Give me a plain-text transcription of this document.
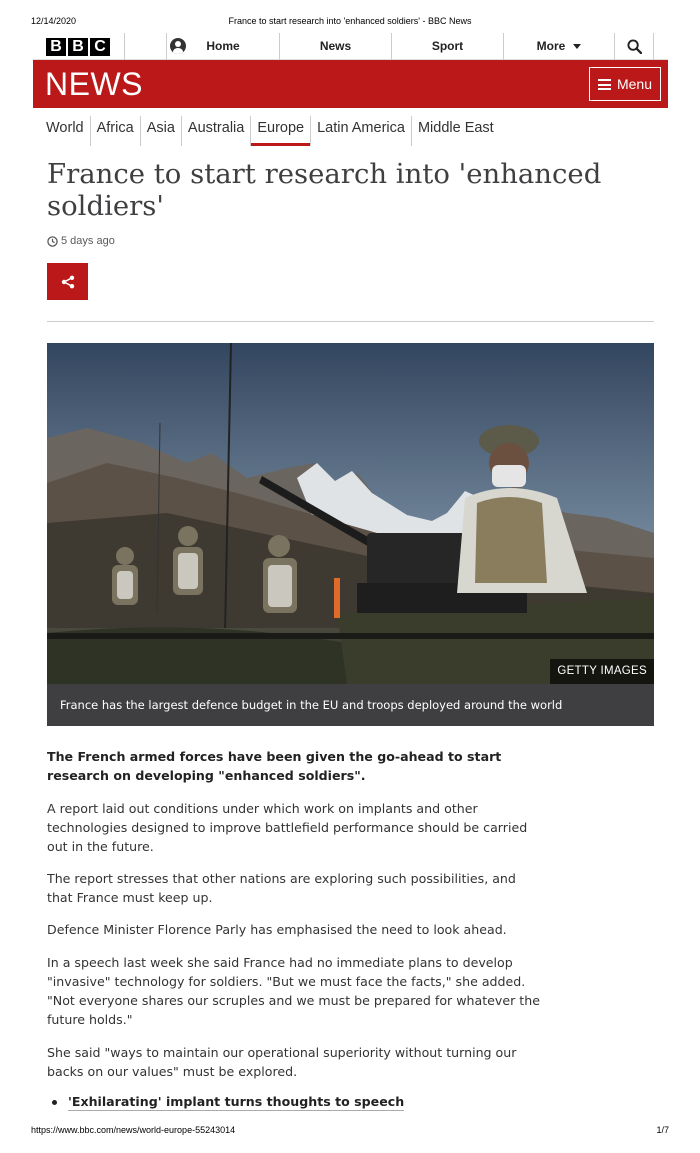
12/14/2020	France to start research into 'enhanced soldiers' - BBC News
B B C	Home	News	Sport	More
NEWS	Menu
World Africa Asia Australia Europe Latin America Middle East
France to start research into 'enhanced soldiers'
5 days ago
GETTY IMAGES
France has the largest defence budget in the EU and troops deployed around the world

The French armed forces have been given the go-ahead to start research on developing "enhanced soldiers".

A report laid out conditions under which work on implants and other technologies designed to improve battlefield performance should be carried out in the future.

The report stresses that other nations are exploring such possibilities, and that France must keep up.

Defence Minister Florence Parly has emphasised the need to look ahead.

In a speech last week she said France had no immediate plans to develop "invasive" technology for soldiers. "But we must face the facts," she added. "Not everyone shares our scruples and we must be prepared for whatever the future holds."

She said "ways to maintain our operational superiority without turning our backs on our values" must be explored.

'Exhilarating' implant turns thoughts to speech
https://www.bbc.com/news/world-europe-55243014	1/7
